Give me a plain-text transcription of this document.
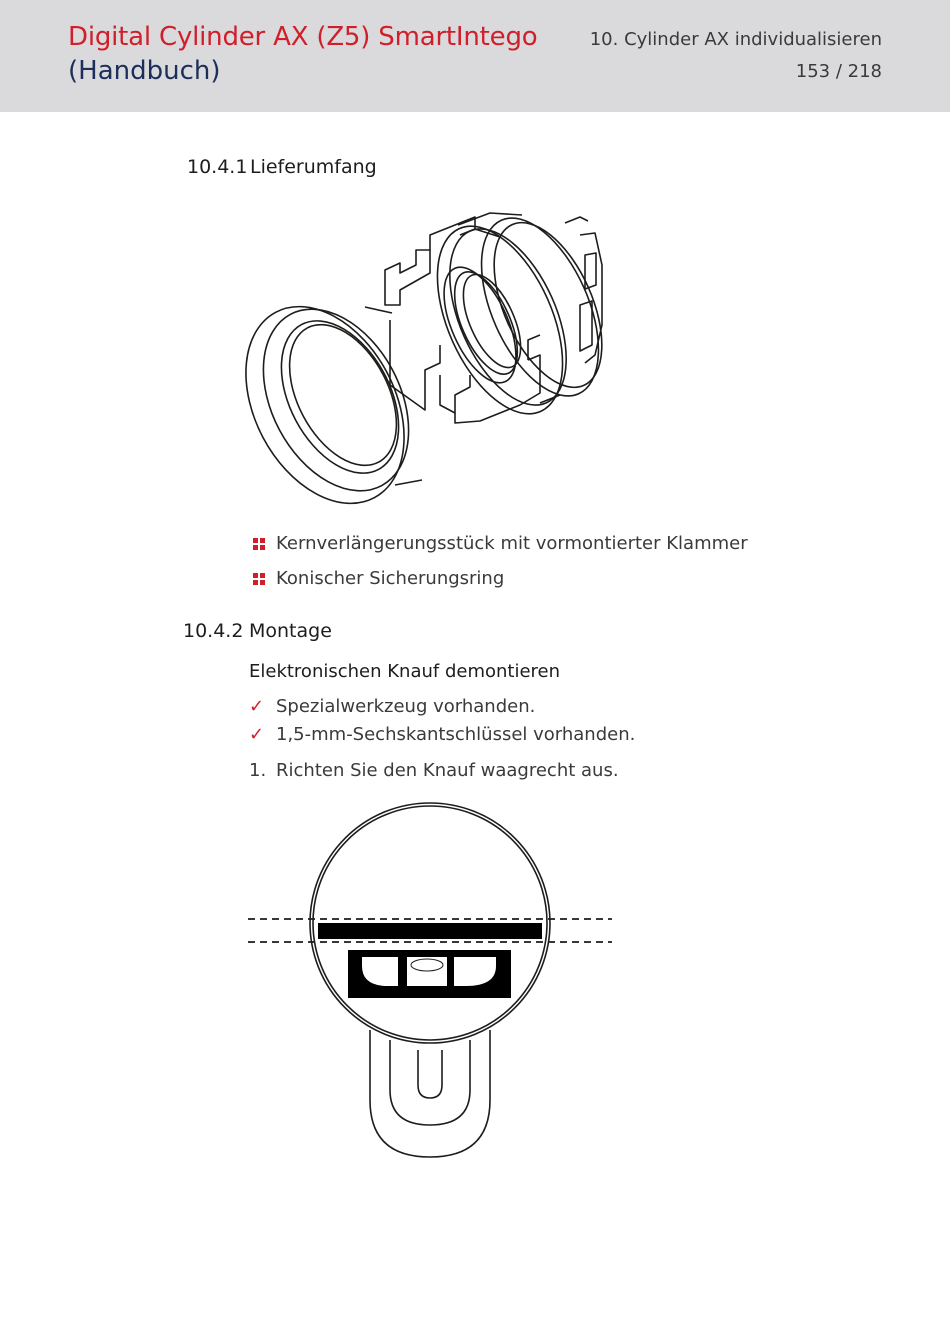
Digital Cylinder AX (Z5) SmartIntego
(Handbuch)
10. Cylinder AX individualisieren
153 / 218
10.4.1 Lieferumfang
Kernverlängerungsstück mit vormontierter Klammer
Konischer Sicherungsring
10.4.2 Montage
Elektronischen Knauf demontieren
✓ Spezialwerkzeug vorhanden.
✓ 1,5-mm-Sechskantschlüssel vorhanden.
1. Richten Sie den Knauf waagrecht aus.
